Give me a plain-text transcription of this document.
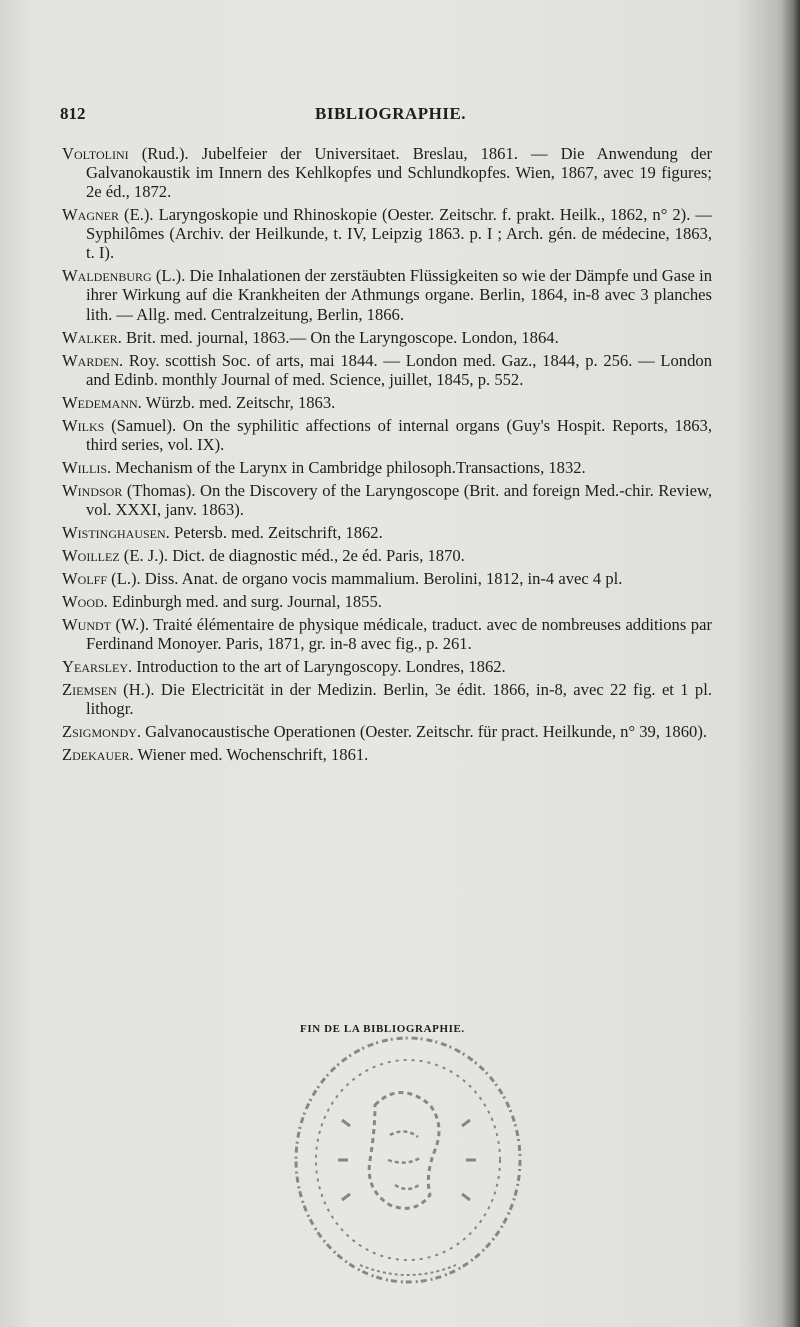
812	BIBLIOGRAPHIE.
Voltolini (Rud.). Jubelfeier der Universitaet. Breslau, 1861. — Die Anwendung der Galvanokaustik im Innern des Kehlkopfes und Schlundkopfes. Wien, 1867, avec 19 figures; 2e éd., 1872.
Wagner (E.). Laryngoskopie und Rhinoskopie (Oester. Zeitschr. f. prakt. Heilk., 1862, n° 2). — Syphilômes (Archiv. der Heilkunde, t. IV, Leipzig 1863. p. I ; Arch. gén. de médecine, 1863, t. I).
Waldenburg (L.). Die Inhalationen der zerstäubten Flüssigkeiten so wie der Dämpfe und Gase in ihrer Wirkung auf die Krankheiten der Athmungs organe. Berlin, 1864, in-8 avec 3 planches lith. — Allg. med. Centralzeitung, Berlin, 1866.
Walker. Brit. med. journal, 1863.— On the Laryngoscope. London, 1864.
Warden. Roy. scottish Soc. of arts, mai 1844. — London med. Gaz., 1844, p. 256. — London and Edinb. monthly Journal of med. Science, juillet, 1845, p. 552.
Wedemann. Würzb. med. Zeitschr, 1863.
Wilks (Samuel). On the syphilitic affections of internal organs (Guy's Hospit. Reports, 1863, third series, vol. IX).
Willis. Mechanism of the Larynx in Cambridge philosoph.Transactions, 1832.
Windsor (Thomas). On the Discovery of the Laryngoscope (Brit. and foreign Med.-chir. Review, vol. XXXI, janv. 1863).
Wistinghausen. Petersb. med. Zeitschrift, 1862.
Woillez (E. J.). Dict. de diagnostic méd., 2e éd. Paris, 1870.
Wolff (L.). Diss. Anat. de organo vocis mammalium. Berolini, 1812, in-4 avec 4 pl.
Wood. Edinburgh med. and surg. Journal, 1855.
Wundt (W.). Traité élémentaire de physique médicale, traduct. avec de nombreuses additions par Ferdinand Monoyer. Paris, 1871, gr. in-8 avec fig., p. 261.
Yearsley. Introduction to the art of Laryngoscopy. Londres, 1862.
Ziemsen (H.). Die Electricität in der Medizin. Berlin, 3e édit. 1866, in-8, avec 22 fig. et 1 pl. lithogr.
Zsigmondy. Galvanocaustische Operationen (Oester. Zeitschr. für pract. Heilkunde, n° 39, 1860).
Zdekauer. Wiener med. Wochenschrift, 1861.
FIN DE LA BIBLIOGRAPHIE.
